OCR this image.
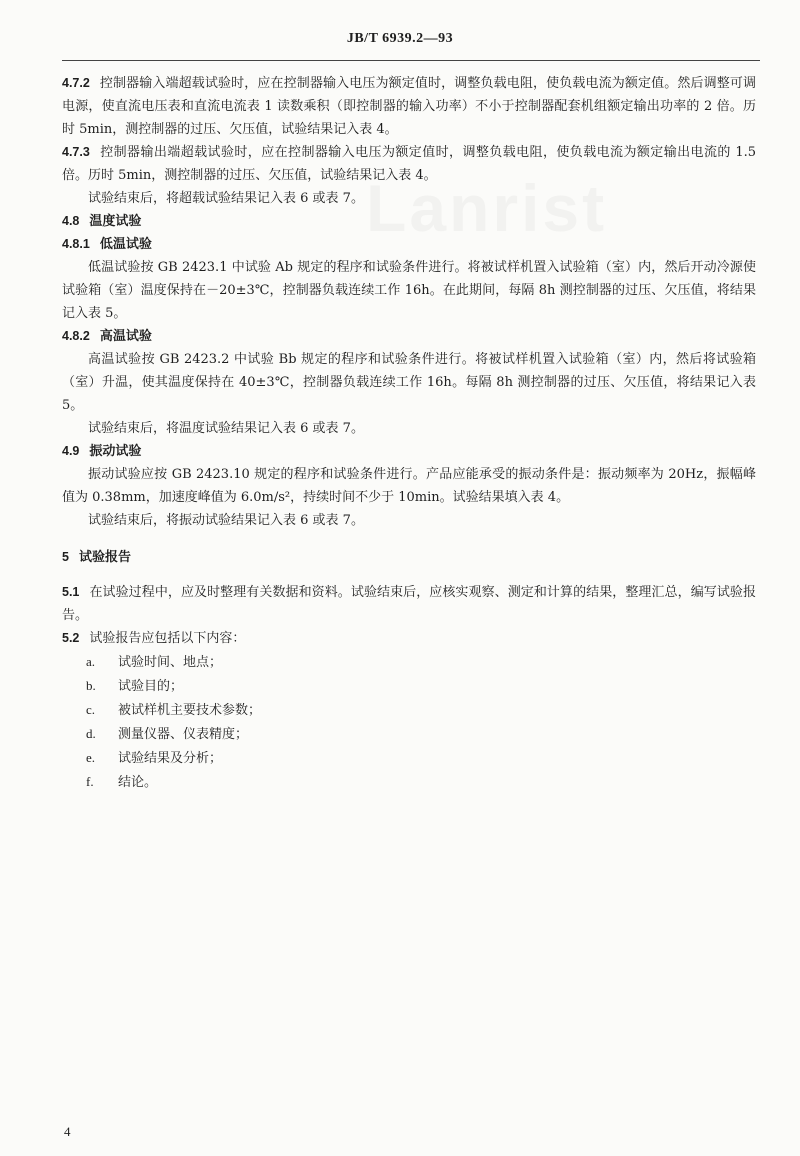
Lanrist
JB/T 6939.2—93

4.7.2 控制器输入端超载试验时，应在控制器输入电压为额定值时，调整负载电阻，使负载电流为额定值。然后调整可调电源，使直流电压表和直流电流表 1 读数乘积（即控制器的输入功率）不小于控制器配套机组额定输出功率的 2 倍。历时 5min，测控制器的过压、欠压值，试验结果记入表 4。

4.7.3 控制器输出端超载试验时，应在控制器输入电压为额定值时，调整负载电阻，使负载电流为额定输出电流的 1.5 倍。历时 5min，测控制器的过压、欠压值，试验结果记入表 4。

试验结束后，将超载试验结果记入表 6 或表 7。

4.8 温度试验

4.8.1 低温试验

低温试验按 GB 2423.1 中试验 Ab 规定的程序和试验条件进行。将被试样机置入试验箱（室）内，然后开动冷源使试验箱（室）温度保持在－20±3℃，控制器负载连续工作 16h。在此期间，每隔 8h 测控制器的过压、欠压值，将结果记入表 5。

4.8.2 高温试验

高温试验按 GB 2423.2 中试验 Bb 规定的程序和试验条件进行。将被试样机置入试验箱（室）内，然后将试验箱（室）升温，使其温度保持在 40±3℃，控制器负载连续工作 16h。每隔 8h 测控制器的过压、欠压值，将结果记入表 5。

试验结束后，将温度试验结果记入表 6 或表 7。

4.9 振动试验

振动试验应按 GB 2423.10 规定的程序和试验条件进行。产品应能承受的振动条件是：振动频率为 20Hz，振幅峰值为 0.38mm，加速度峰值为 6.0m/s²，持续时间不少于 10min。试验结果填入表 4。

试验结束后，将振动试验结果记入表 6 或表 7。

5 试验报告

5.1 在试验过程中，应及时整理有关数据和资料。试验结束后，应核实观察、测定和计算的结果，整理汇总，编写试验报告。

5.2 试验报告应包括以下内容：

a. 试验时间、地点；

b. 试验目的；

c. 被试样机主要技术参数；

d. 测量仪器、仪表精度；

e. 试验结果及分析；

f. 结论。

4
